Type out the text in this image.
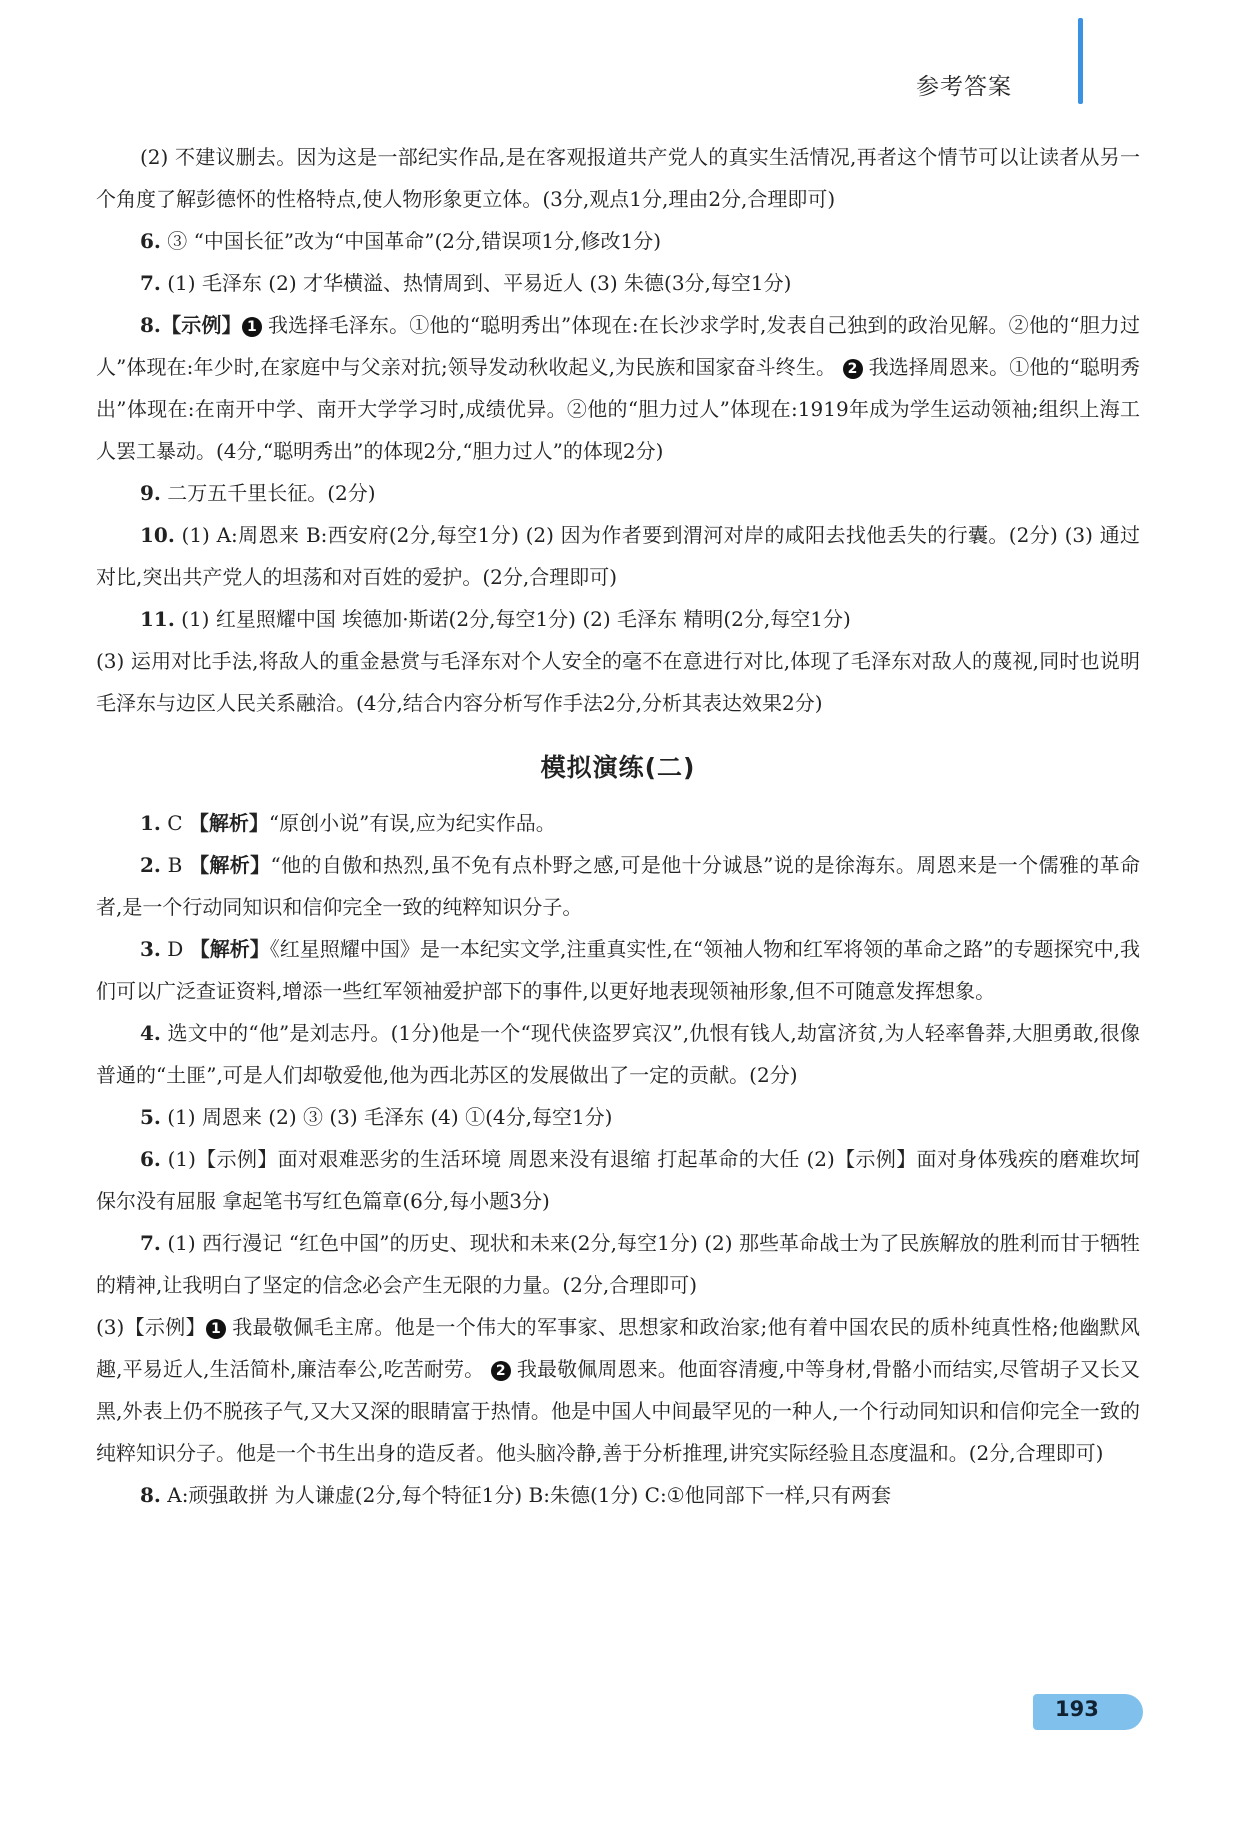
参考答案

(2) 不建议删去。因为这是一部纪实作品,是在客观报道共产党人的真实生活情况,再者这个情节可以让读者从另一个角度了解彭德怀的性格特点,使人物形象更立体。(3分,观点1分,理由2分,合理即可)

6. ③ “中国长征”改为“中国革命”(2分,错误项1分,修改1分)

7. (1) 毛泽东 (2) 才华横溢、热情周到、平易近人 (3) 朱德(3分,每空1分)

8.【示例】 1 我选择毛泽东。①他的“聪明秀出”体现在:在长沙求学时,发表自己独到的政治见解。②他的“胆力过人”体现在:年少时,在家庭中与父亲对抗;领导发动秋收起义,为民族和国家奋斗终生。 2 我选择周恩来。①他的“聪明秀出”体现在:在南开中学、南开大学学习时,成绩优异。②他的“胆力过人”体现在:1919年成为学生运动领袖;组织上海工人罢工暴动。(4分,“聪明秀出”的体现2分,“胆力过人”的体现2分)

9. 二万五千里长征。(2分)

10. (1) A:周恩来 B:西安府(2分,每空1分) (2) 因为作者要到渭河对岸的咸阳去找他丢失的行囊。(2分) (3) 通过对比,突出共产党人的坦荡和对百姓的爱护。(2分,合理即可)

11. (1) 红星照耀中国 埃德加·斯诺(2分,每空1分) (2) 毛泽东 精明(2分,每空1分)

(3) 运用对比手法,将敌人的重金悬赏与毛泽东对个人安全的毫不在意进行对比,体现了毛泽东对敌人的蔑视,同时也说明毛泽东与边区人民关系融洽。(4分,结合内容分析写作手法2分,分析其表达效果2分)

模拟演练(二)

1. C 【解析】“原创小说”有误,应为纪实作品。

2. B 【解析】“他的自傲和热烈,虽不免有点朴野之感,可是他十分诚恳”说的是徐海东。周恩来是一个儒雅的革命者,是一个行动同知识和信仰完全一致的纯粹知识分子。

3. D 【解析】《红星照耀中国》是一本纪实文学,注重真实性,在“领袖人物和红军将领的革命之路”的专题探究中,我们可以广泛查证资料,增添一些红军领袖爱护部下的事件,以更好地表现领袖形象,但不可随意发挥想象。

4. 选文中的“他”是刘志丹。(1分)他是一个“现代侠盗罗宾汉”,仇恨有钱人,劫富济贫,为人轻率鲁莽,大胆勇敢,很像普通的“土匪”,可是人们却敬爱他,他为西北苏区的发展做出了一定的贡献。(2分)

5. (1) 周恩来 (2) ③ (3) 毛泽东 (4) ①(4分,每空1分)

6. (1)【示例】面对艰难恶劣的生活环境 周恩来没有退缩 打起革命的大任 (2)【示例】面对身体残疾的磨难坎坷 保尔没有屈服 拿起笔书写红色篇章(6分,每小题3分)

7. (1) 西行漫记 “红色中国”的历史、现状和未来(2分,每空1分) (2) 那些革命战士为了民族解放的胜利而甘于牺牲的精神,让我明白了坚定的信念必会产生无限的力量。(2分,合理即可)

(3)【示例】 1 我最敬佩毛主席。他是一个伟大的军事家、思想家和政治家;他有着中国农民的质朴纯真性格;他幽默风趣,平易近人,生活简朴,廉洁奉公,吃苦耐劳。 2 我最敬佩周恩来。他面容清瘦,中等身材,骨骼小而结实,尽管胡子又长又黑,外表上仍不脱孩子气,又大又深的眼睛富于热情。他是中国人中间最罕见的一种人,一个行动同知识和信仰完全一致的纯粹知识分子。他是一个书生出身的造反者。他头脑冷静,善于分析推理,讲究实际经验且态度温和。(2分,合理即可)

8. A:顽强敢拼 为人谦虚(2分,每个特征1分) B:朱德(1分) C:①他同部下一样,只有两套

193
